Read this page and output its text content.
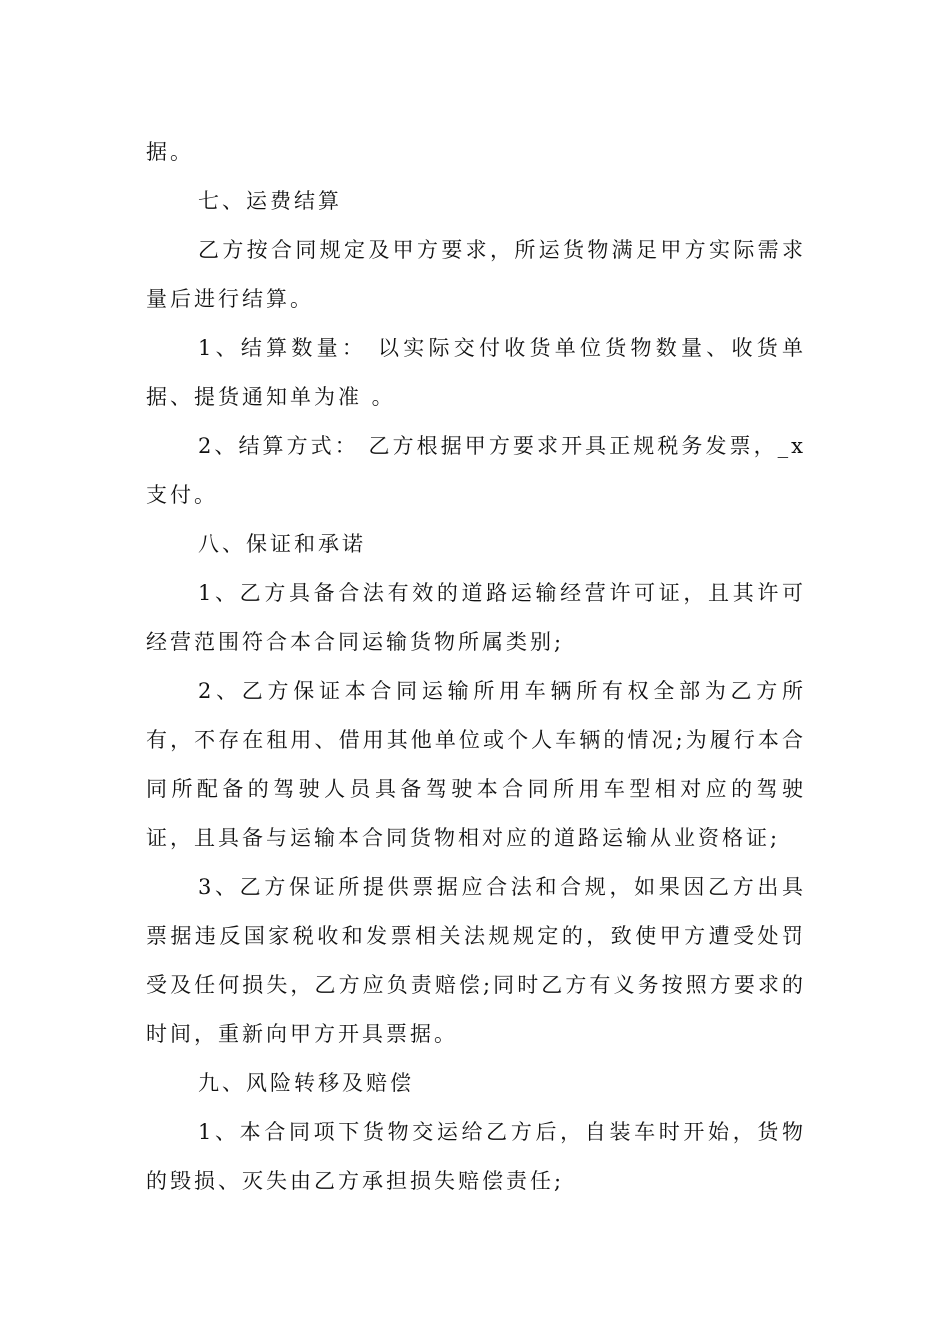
据。

七、运费结算

乙方按合同规定及甲方要求，所运货物满足甲方实际需求量后进行结算。

1、结算数量： 以实际交付收货单位货物数量、收货单据、提货通知单为准 。

2、结算方式： 乙方根据甲方要求开具正规税务发票，_x 支付。

八、保证和承诺

1、乙方具备合法有效的道路运输经营许可证，且其许可经营范围符合本合同运输货物所属类别;

2、乙方保证本合同运输所用车辆所有权全部为乙方所有，不存在租用、借用其他单位或个人车辆的情况;为履行本合同所配备的驾驶人员具备驾驶本合同所用车型相对应的驾驶证，且具备与运输本合同货物相对应的道路运输从业资格证;

3、乙方保证所提供票据应合法和合规，如果因乙方出具票据违反国家税收和发票相关法规规定的，致使甲方遭受处罚受及任何损失，乙方应负责赔偿;同时乙方有义务按照方要求的时间，重新向甲方开具票据。

九、风险转移及赔偿

1、本合同项下货物交运给乙方后，自装车时开始，货物的毁损、灭失由乙方承担损失赔偿责任;
